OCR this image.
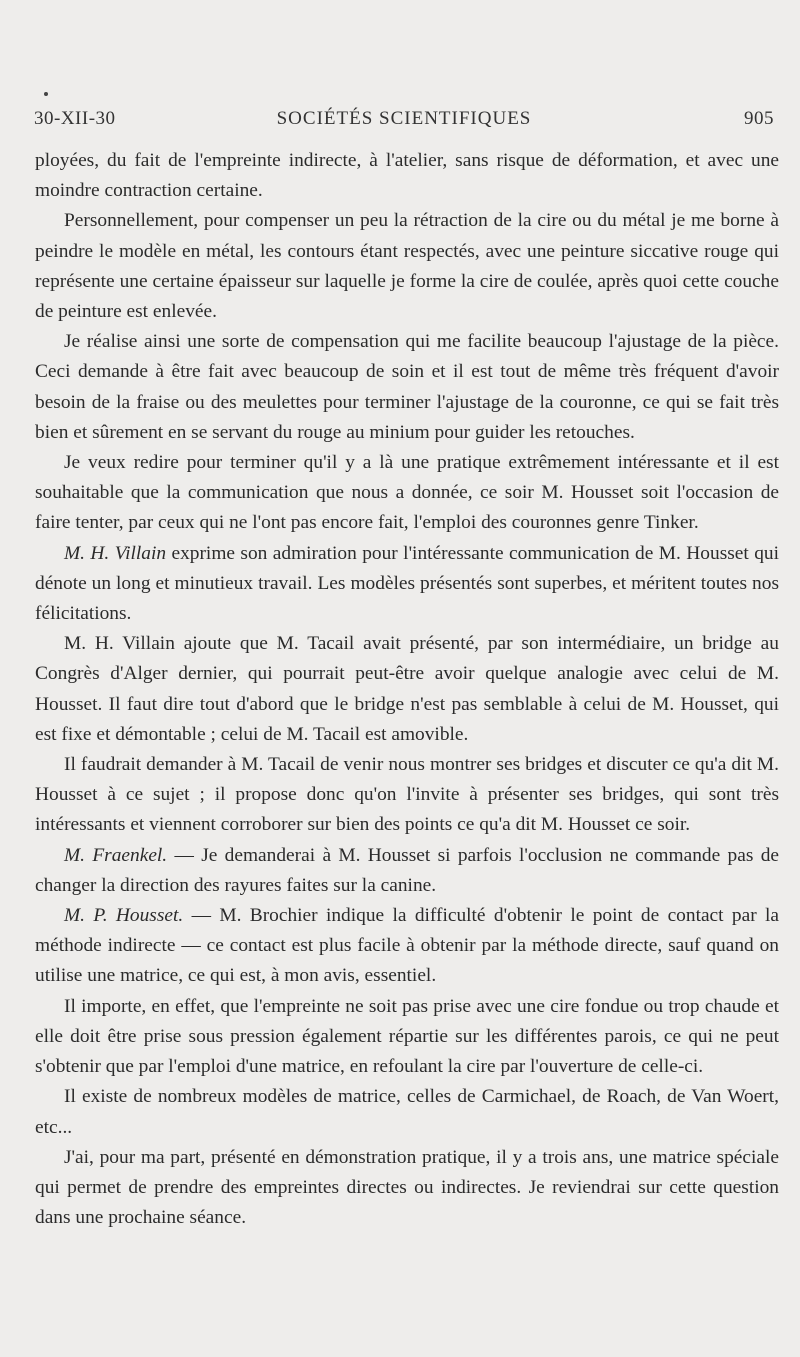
30-XII-30	SOCIÉTÉS SCIENTIFIQUES	905

ployées, du fait de l'empreinte indirecte, à l'atelier, sans risque de déformation, et avec une moindre contraction certaine.

Personnellement, pour compenser un peu la rétraction de la cire ou du métal je me borne à peindre le modèle en métal, les contours étant respectés, avec une peinture siccative rouge qui représente une certaine épaisseur sur laquelle je forme la cire de coulée, après quoi cette couche de peinture est enlevée.

Je réalise ainsi une sorte de compensation qui me facilite beaucoup l'ajustage de la pièce. Ceci demande à être fait avec beaucoup de soin et il est tout de même très fréquent d'avoir besoin de la fraise ou des meulettes pour terminer l'ajustage de la couronne, ce qui se fait très bien et sûrement en se servant du rouge au minium pour guider les retouches.

Je veux redire pour terminer qu'il y a là une pratique extrêmement intéressante et il est souhaitable que la communication que nous a donnée, ce soir M. Housset soit l'occasion de faire tenter, par ceux qui ne l'ont pas encore fait, l'emploi des couronnes genre Tinker.

M. H. Villain exprime son admiration pour l'intéressante communication de M. Housset qui dénote un long et minutieux travail. Les modèles présentés sont superbes, et méritent toutes nos félicitations.

M. H. Villain ajoute que M. Tacail avait présenté, par son intermédiaire, un bridge au Congrès d'Alger dernier, qui pourrait peut-être avoir quelque analogie avec celui de M. Housset. Il faut dire tout d'abord que le bridge n'est pas semblable à celui de M. Housset, qui est fixe et démontable ; celui de M. Tacail est amovible.

Il faudrait demander à M. Tacail de venir nous montrer ses bridges et discuter ce qu'a dit M. Housset à ce sujet ; il propose donc qu'on l'invite à présenter ses bridges, qui sont très intéressants et viennent corroborer sur bien des points ce qu'a dit M. Housset ce soir.

M. Fraenkel. — Je demanderai à M. Housset si parfois l'occlusion ne commande pas de changer la direction des rayures faites sur la canine.

M. P. Housset. — M. Brochier indique la difficulté d'obtenir le point de contact par la méthode indirecte — ce contact est plus facile à obtenir par la méthode directe, sauf quand on utilise une matrice, ce qui est, à mon avis, essentiel.

Il importe, en effet, que l'empreinte ne soit pas prise avec une cire fondue ou trop chaude et elle doit être prise sous pression également répartie sur les différentes parois, ce qui ne peut s'obtenir que par l'emploi d'une matrice, en refoulant la cire par l'ouverture de celle-ci.

Il existe de nombreux modèles de matrice, celles de Carmichael, de Roach, de Van Woert, etc...

J'ai, pour ma part, présenté en démonstration pratique, il y a trois ans, une matrice spéciale qui permet de prendre des empreintes directes ou indirectes. Je reviendrai sur cette question dans une prochaine séance.
